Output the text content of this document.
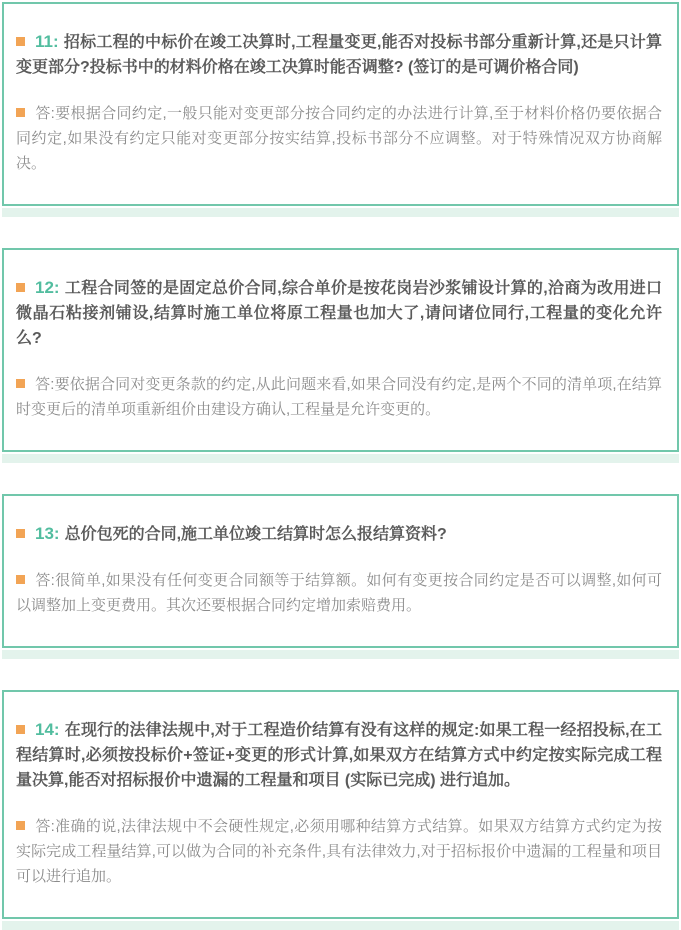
11: 招标工程的中标价在竣工决算时,工程量变更,能否对投标书部分重新计算,还是只计算变更部分?投标书中的材料价格在竣工决算时能否调整? (签订的是可调价格合同)

答:要根据合同约定,一般只能对变更部分按合同约定的办法进行计算,至于材料价格仍要依据合同约定,如果没有约定只能对变更部分按实结算,投标书部分不应调整。对于特殊情况双方协商解决。

12: 工程合同签的是固定总价合同,综合单价是按花岗岩沙浆铺设计算的,洽商为改用进口微晶石粘接剂铺设,结算时施工单位将原工程量也加大了,请问诸位同行,工程量的变化允许么?

答:要依据合同对变更条款的约定,从此问题来看,如果合同没有约定,是两个不同的清单项,在结算时变更后的清单项重新组价由建设方确认,工程量是允许变更的。

13: 总价包死的合同,施工单位竣工结算时怎么报结算资料?

答:很简单,如果没有任何变更合同额等于结算额。如何有变更按合同约定是否可以调整,如何可以调整加上变更费用。其次还要根据合同约定增加索赔费用。

14: 在现行的法律法规中,对于工程造价结算有没有这样的规定:如果工程一经招投标,在工程结算时,必须按投标价+签证+变更的形式计算,如果双方在结算方式中约定按实际完成工程量决算,能否对招标报价中遗漏的工程量和项目 (实际已完成) 进行追加。

答:准确的说,法律法规中不会硬性规定,必须用哪种结算方式结算。如果双方结算方式约定为按实际完成工程量结算,可以做为合同的补充条件,具有法律效力,对于招标报价中遗漏的工程量和项目可以进行追加。
